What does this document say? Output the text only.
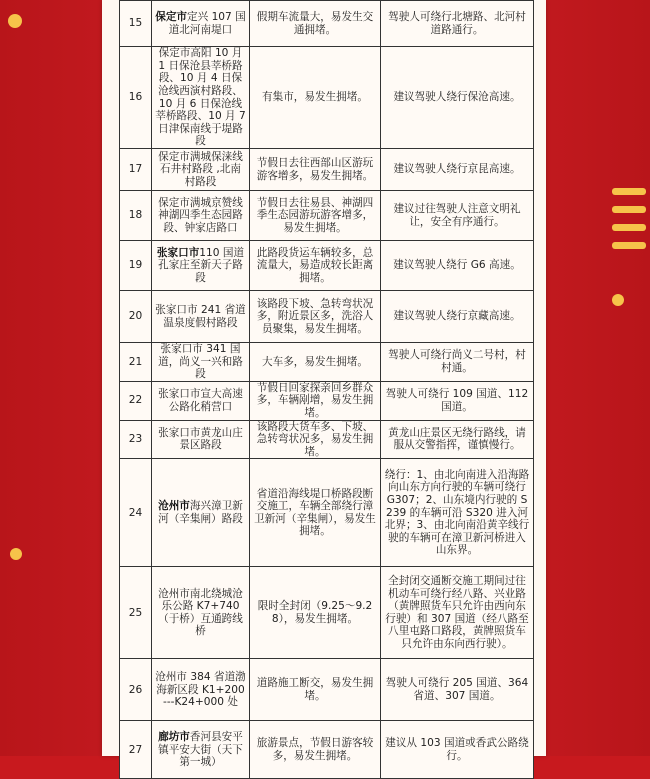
15	保定市定兴 107 国道北河南堤口	假期车流量大，易发生交通拥堵。	驾驶人可绕行北塘路、北河村道路通行。
16	保定市高阳 10 月 1 日保沧县莘桥路段、10 月 4 日保沧线西演村路段、10 月 6 日保沧线莘桥路段、10 月 7 日津保南线于堤路段	有集市，易发生拥堵。	建议驾驶人绕行保沧高速。
17	保定市满城保涞线石井村路段 ,北南村路段	节假日去往西部山区游玩游客增多，易发生拥堵。	建议驾驶人绕行京昆高速。
18	保定市满城京赞线神湖四季生态园路段、钟家店路口	节假日去往易县、神湖四季生态园游玩游客增多，易发生拥堵。	建议过往驾驶人注意文明礼让，安全有序通行。
19	张家口市110 国道孔家庄至新天子路段	此路段货运车辆较多，总流量大，易造成较长距离拥堵。	建议驾驶人绕行 G6 高速。
20	张家口市 241 省道温泉度假村路段	该路段下坡、急转弯状况多，附近景区多，洗浴人员聚集，易发生拥堵。	建议驾驶人绕行京藏高速。
21	张家口市 341 国道，尚义一兴和路段	大车多，易发生拥堵。	驾驶人可绕行尚义二号村，村村通。
22	张家口市宣大高速公路化稍营口	节假日回家探亲回乡群众多，车辆剐增，易发生拥堵。	驾驶人可绕行 109 国道、112 国道。
23	张家口市黄龙山庄景区路段	该路段大货车多、下坡、急转弯状况多，易发生拥堵。	黄龙山庄景区无绕行路线，请服从交警指挥，谨慎慢行。
24	沧州市海兴漳卫新河（辛集闸）路段	省道沿海线堤口桥路段断交施工，车辆全部绕行漳卫新河（辛集闸），易发生拥堵。	绕行：1、由北向南进入沿海路向山东方向行驶的车辆可绕行 G307；2、山东境内行驶的 S239 的车辆可沿 S320 进入河北界；3、由北向南沿黄辛线行驶的车辆可在漳卫新河桥进入山东界。
25	沧州市南北绕城沧乐公路 K7+740（于桥）互通跨线桥	限时全封闭（9.25～9.28），易发生拥堵。	全封闭交通断交施工期间过往机动车可绕行经八路、兴业路（黄牌照货车只允许由西向东行驶）和 307 国道（经八路至八里屯路口路段，黄牌照货车只允许由东向西行驶）。
26	沧州市 384 省道渤海新区段 K1+200---K24+000 处	道路施工断交，易发生拥堵。	驾驶人可绕行 205 国道、364 省道、307 国道。
27	廊坊市香河县安平镇平安大街（天下第一城）	旅游景点，节假日游客较多，易发生拥堵。	建议从 103 国道或香武公路绕行。
